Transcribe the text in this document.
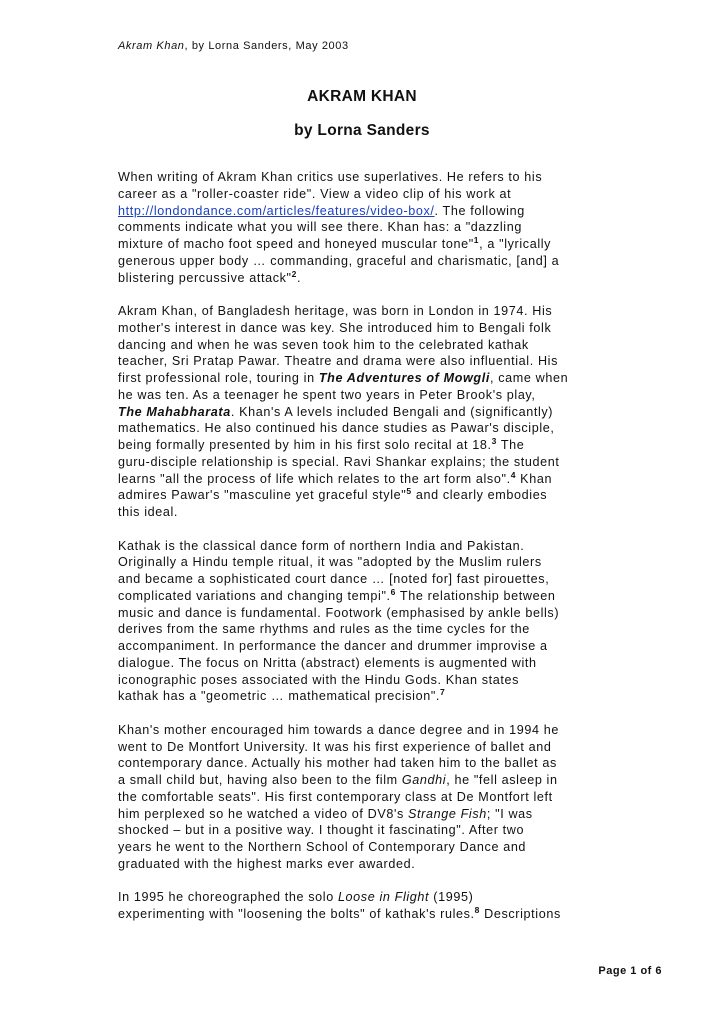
Akram Khan, by Lorna Sanders, May 2003
AKRAM KHAN
by Lorna Sanders
When writing of Akram Khan critics use superlatives. He refers to his
career as a "roller-coaster ride". View a video clip of his work at
http://londondance.com/articles/features/video-box/. The following
comments indicate what you will see there. Khan has: a "dazzling
mixture of macho foot speed and honeyed muscular tone"$^1$, a "lyrically
generous upper body … commanding, graceful and charismatic, [and] a
blistering percussive attack"$^2$.
Akram Khan, of Bangladesh heritage, was born in London in 1974. His
mother's interest in dance was key. She introduced him to Bengali folk
dancing and when he was seven took him to the celebrated kathak
teacher, Sri Pratap Pawar. Theatre and drama were also influential. His
first professional role, touring in The Adventures of Mowgli, came when
he was ten. As a teenager he spent two years in Peter Brook's play,
The Mahabharata. Khan's A levels included Bengali and (significantly)
mathematics. He also continued his dance studies as Pawar's disciple,
being formally presented by him in his first solo recital at 18.$^3$ The
guru-disciple relationship is special. Ravi Shankar explains; the student
learns "all the process of life which relates to the art form also".$^4$ Khan
admires Pawar's "masculine yet graceful style"$^5$ and clearly embodies
this ideal.
Kathak is the classical dance form of northern India and Pakistan.
Originally a Hindu temple ritual, it was "adopted by the Muslim rulers
and became a sophisticated court dance … [noted for] fast pirouettes,
complicated variations and changing tempi".$^6$ The relationship between
music and dance is fundamental. Footwork (emphasised by ankle bells)
derives from the same rhythms and rules as the time cycles for the
accompaniment. In performance the dancer and drummer improvise a
dialogue. The focus on Nritta (abstract) elements is augmented with
iconographic poses associated with the Hindu Gods. Khan states
kathak has a "geometric … mathematical precision".$^7$
Khan's mother encouraged him towards a dance degree and in 1994 he
went to De Montfort University. It was his first experience of ballet and
contemporary dance. Actually his mother had taken him to the ballet as
a small child but, having also been to the film Gandhi, he "fell asleep in
the comfortable seats". His first contemporary class at De Montfort left
him perplexed so he watched a video of DV8's Strange Fish; "I was
shocked – but in a positive way. I thought it fascinating". After two
years he went to the Northern School of Contemporary Dance and
graduated with the highest marks ever awarded.
In 1995 he choreographed the solo Loose in Flight (1995)
experimenting with "loosening the bolts" of kathak's rules.$^8$ Descriptions
Page 1 of 6
